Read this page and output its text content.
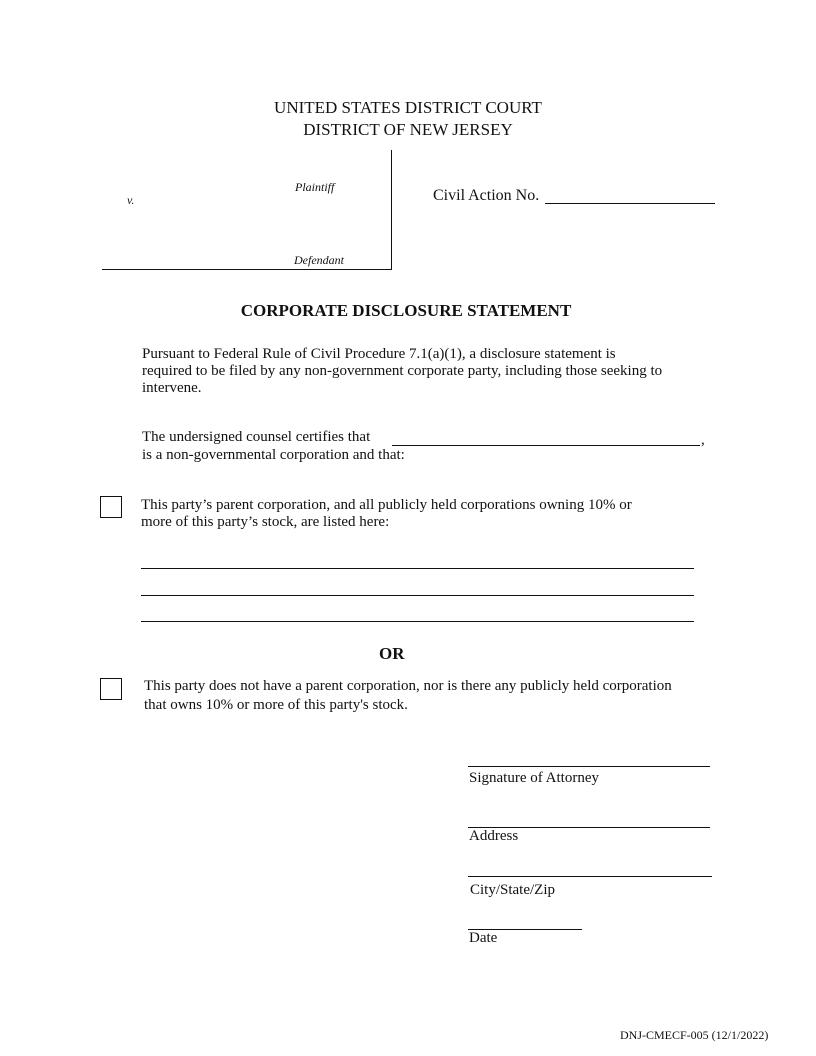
UNITED STATES DISTRICT COURT
DISTRICT OF NEW JERSEY
Plaintiff
v.
Defendant
Civil Action No.
CORPORATE DISCLOSURE STATEMENT
Pursuant to Federal Rule of Civil Procedure 7.1(a)(1), a disclosure statement is
required to be filed by any non-government corporate party, including those seeking to
intervene.
The undersigned counsel certifies that	,
is a non-governmental corporation and that:
This party’s parent corporation, and all publicly held corporations owning 10% or
more of this party’s stock, are listed here:
OR
This party does not have a parent corporation, nor is there any publicly held corporation
that owns 10% or more of this party's stock.
Signature of Attorney
Address
City/State/Zip
Date
DNJ-CMECF-005 (12/1/2022)
